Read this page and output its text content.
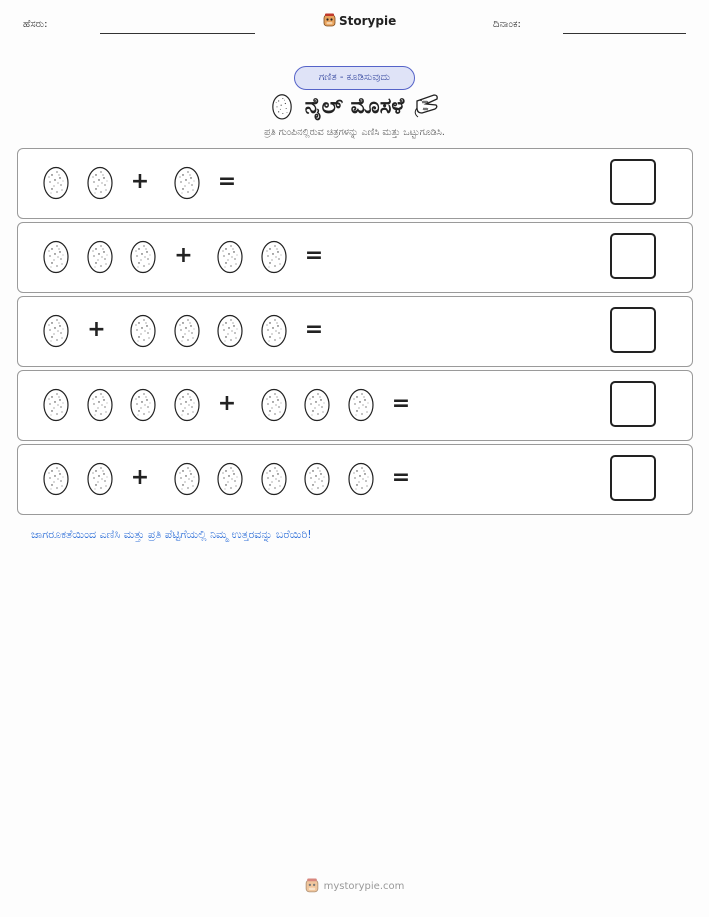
ಹೆಸರು:	Storypie	ದಿನಾಂಕ:
ಗಣಿತ - ಕೂಡಿಸುವುದು
ನೈಲ್ ಮೊಸಳೆ
ಪ್ರತಿ ಗುಂಪಿನಲ್ಲಿರುವ ಚಿತ್ರಗಳನ್ನು ಎಣಿಸಿ ಮತ್ತು ಒಟ್ಟುಗೂಡಿಸಿ.
+	=
+	=
+	=
+	=
+	=
ಜಾಗರೂಕತೆಯಿಂದ ಎಣಿಸಿ ಮತ್ತು ಪ್ರತಿ ಪೆಟ್ಟಿಗೆಯಲ್ಲಿ ನಿಮ್ಮ ಉತ್ತರವನ್ನು ಬರೆಯಿರಿ!
mystorypie.com
